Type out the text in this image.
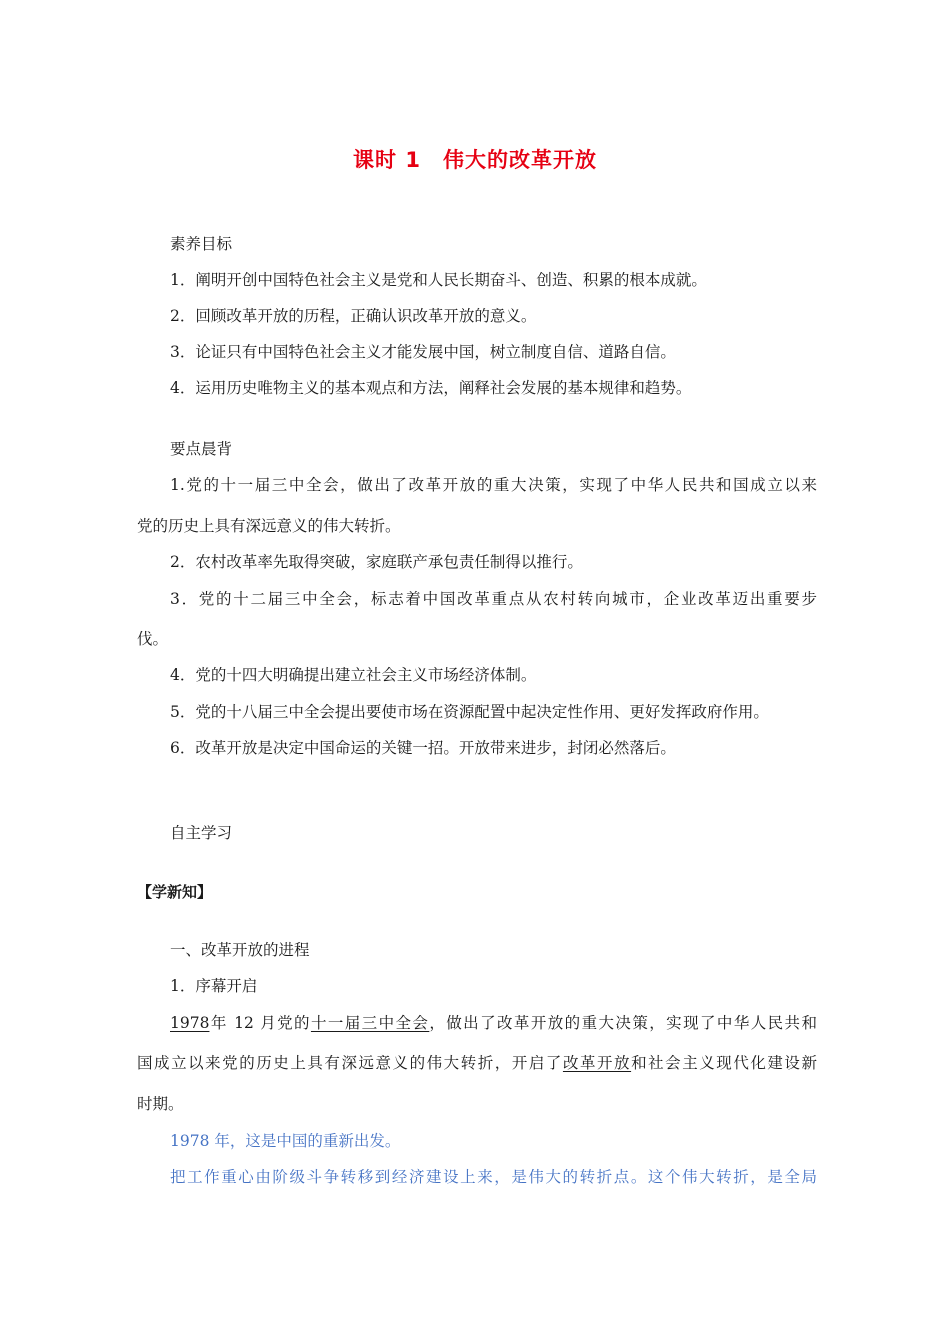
课时 1　伟大的改革开放
素养目标
1．阐明开创中国特色社会主义是党和人民长期奋斗、创造、积累的根本成就。
2．回顾改革开放的历程，正确认识改革开放的意义。
3．论证只有中国特色社会主义才能发展中国，树立制度自信、道路自信。
4．运用历史唯物主义的基本观点和方法，阐释社会发展的基本规律和趋势。
要点晨背
1.党的十一届三中全会，做出了改革开放的重大决策，实现了中华人民共和国成立以来
党的历史上具有深远意义的伟大转折。
2．农村改革率先取得突破，家庭联产承包责任制得以推行。
3．党的十二届三中全会，标志着中国改革重点从农村转向城市，企业改革迈出重要步
伐。
4．党的十四大明确提出建立社会主义市场经济体制。
5．党的十八届三中全会提出要使市场在资源配置中起决定性作用、更好发挥政府作用。
6．改革开放是决定中国命运的关键一招。开放带来进步，封闭必然落后。
自主学习
【学新知】
一、改革开放的进程
1．序幕开启
1978年 12 月党的十一届三中全会，做出了改革开放的重大决策，实现了中华人民共和
国成立以来党的历史上具有深远意义的伟大转折，开启了改革开放和社会主义现代化建设新
时期。
1978 年，这是中国的重新出发。
把工作重心由阶级斗争转移到经济建设上来，是伟大的转折点。这个伟大转折，是全局
